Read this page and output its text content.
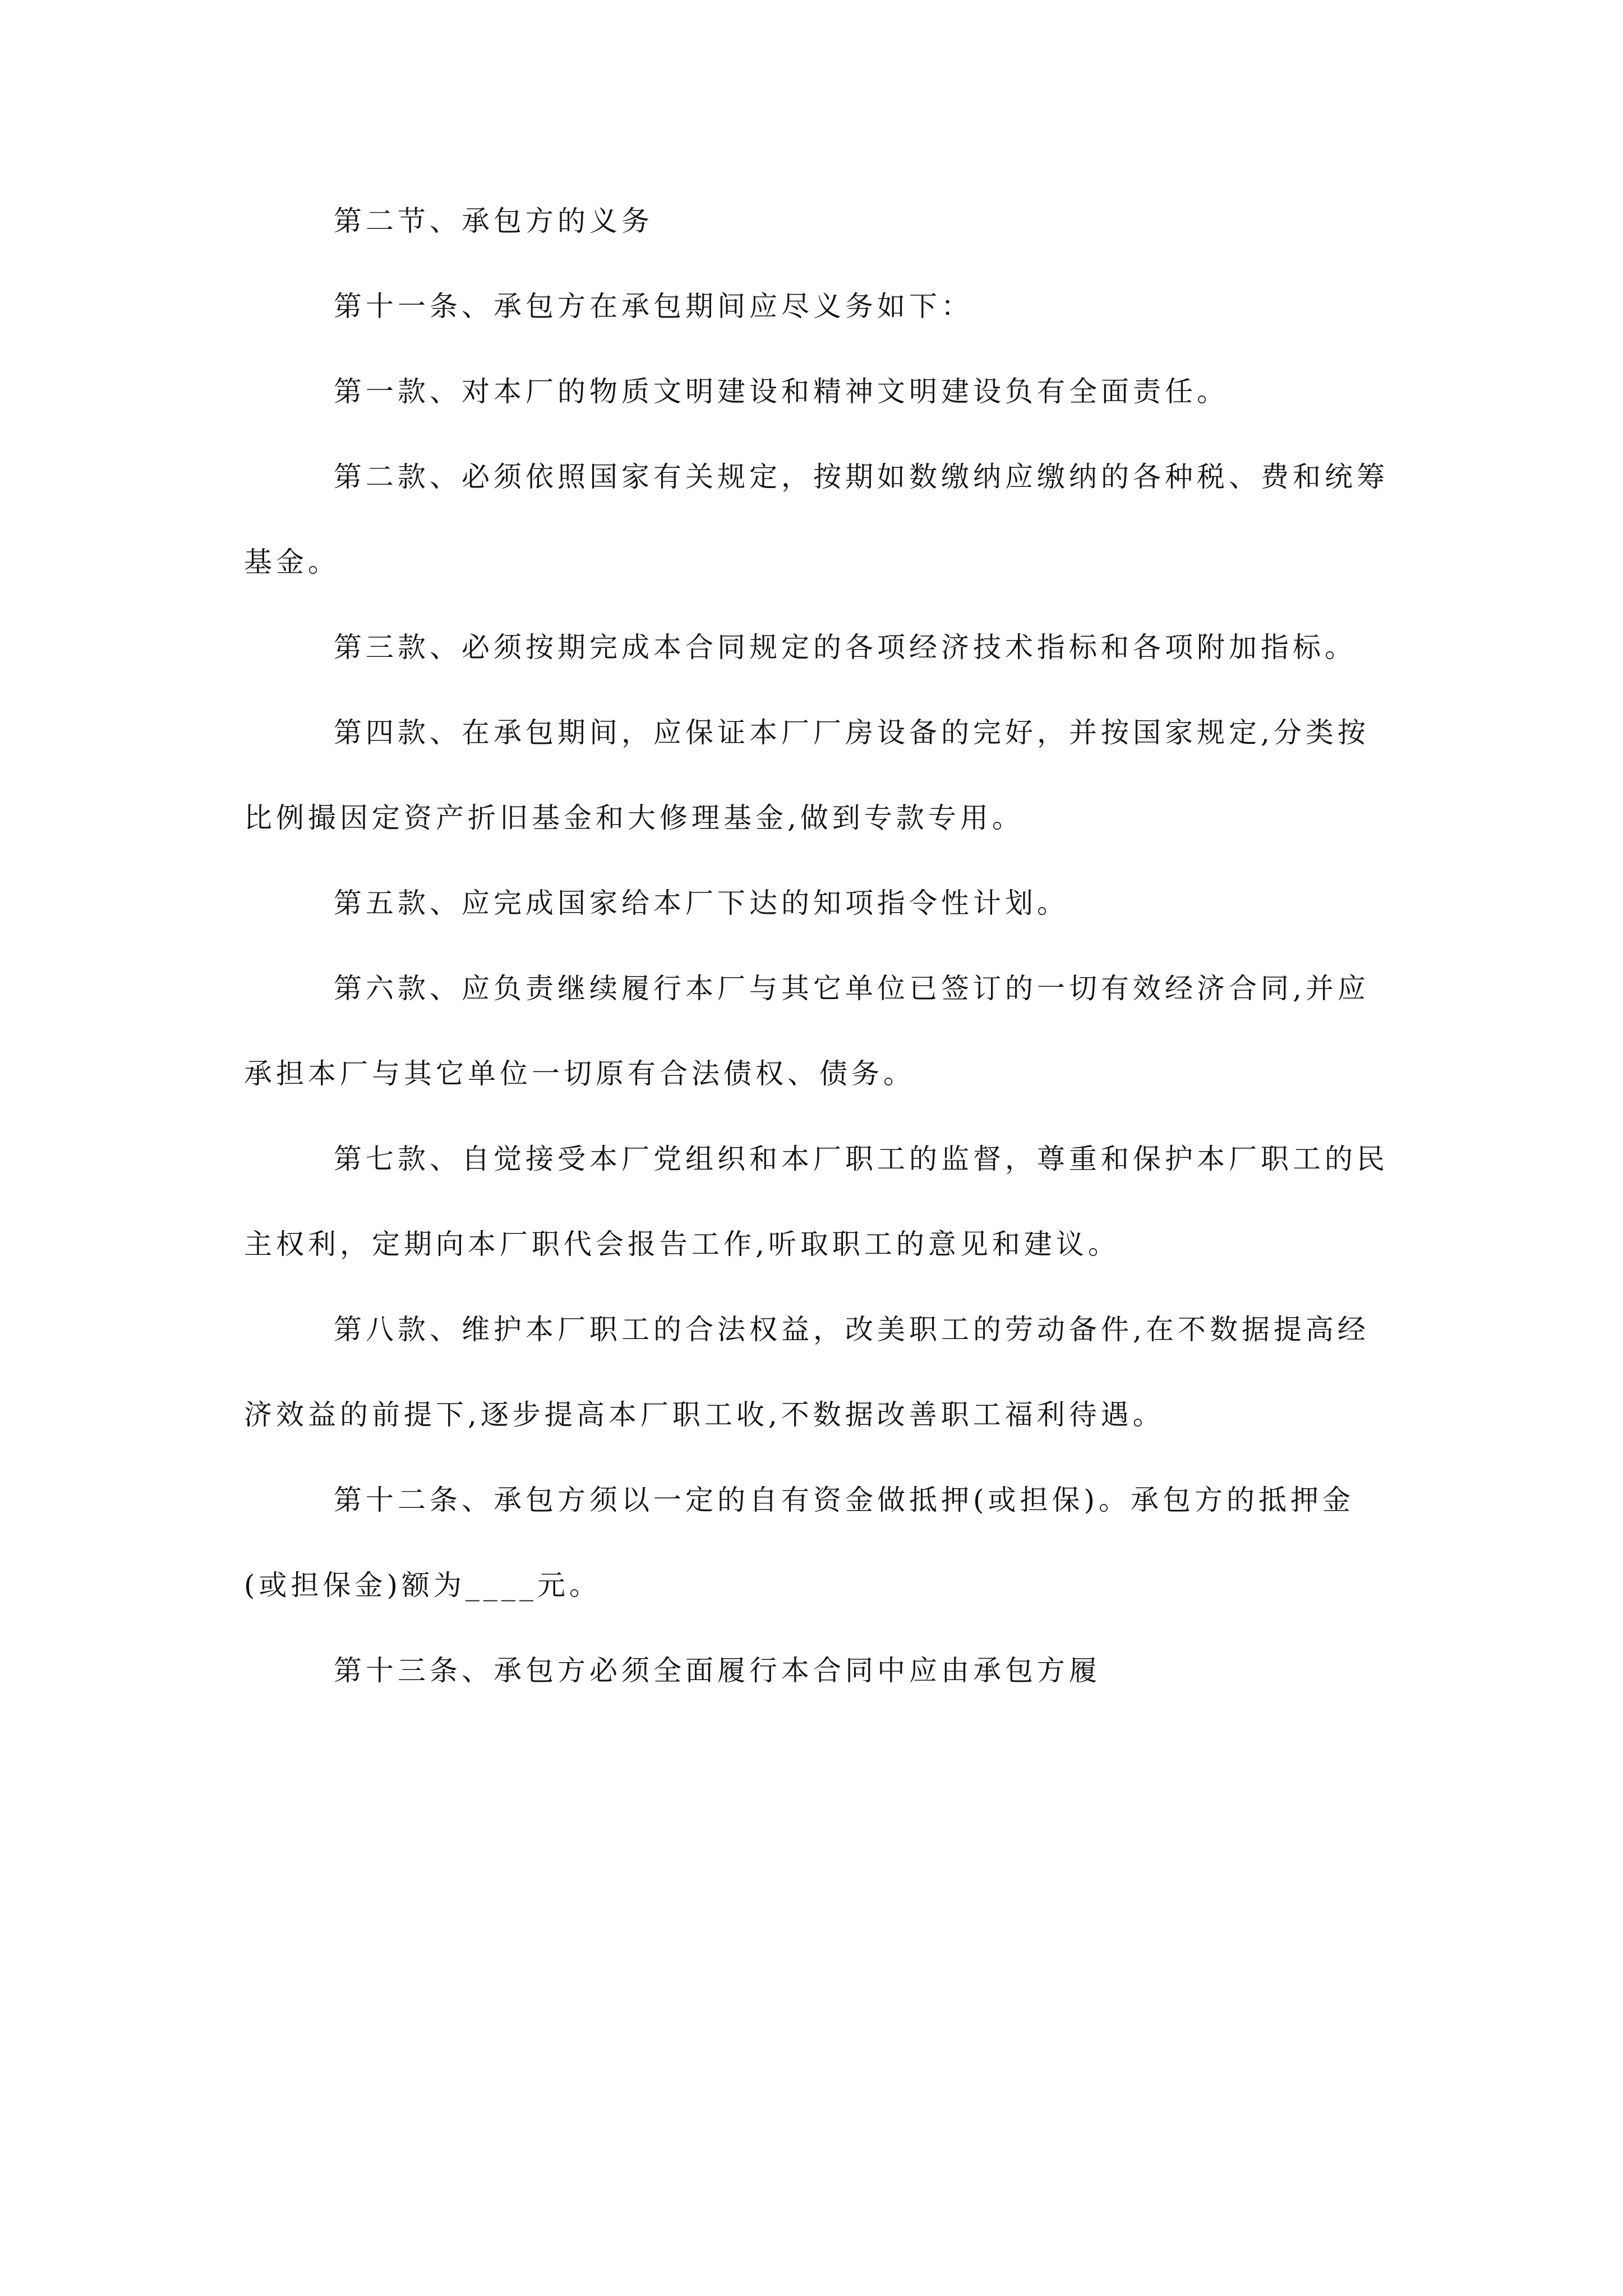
第二节、承包方的义务

第十一条、承包方在承包期间应尽义务如下：

第一款、对本厂的物质文明建设和精神文明建设负有全面责任。

第二款、必须依照国家有关规定，按期如数缴纳应缴纳的各种税、费和统筹基金。

第三款、必须按期完成本合同规定的各项经济技术指标和各项附加指标。

第四款、在承包期间，应保证本厂厂房设备的完好，并按国家规定,分类按比例撮因定资产折旧基金和大修理基金,做到专款专用。

第五款、应完成国家给本厂下达的知项指令性计划。

第六款、应负责继续履行本厂与其它单位已签订的一切有效经济合同,并应承担本厂与其它单位一切原有合法债权、债务。

第七款、自觉接受本厂党组织和本厂职工的监督，尊重和保护本厂职工的民主权利，定期向本厂职代会报告工作,听取职工的意见和建议。

第八款、维护本厂职工的合法权益，改美职工的劳动备件,在不数据提高经济效益的前提下,逐步提高本厂职工收,不数据改善职工福利待遇。

第十二条、承包方须以一定的自有资金做抵押(或担保)。承包方的抵押金(或担保金)额为____元。

第十三条、承包方必须全面履行本合同中应由承包方履
